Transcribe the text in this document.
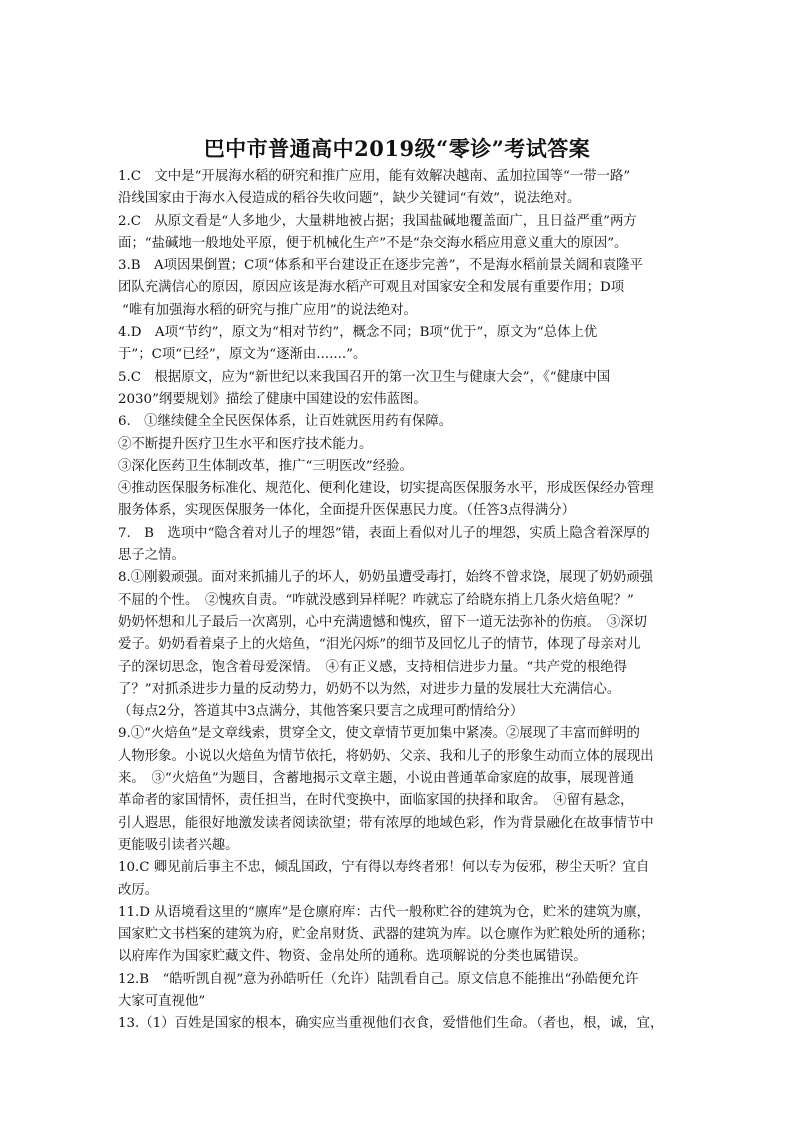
巴中市普通高中2019级“零诊”考试答案
1.C　文中是“开展海水稻的研究和推广应用，能有效解决越南、孟加拉国等“一带一路”
沿线国家由于海水入侵造成的稻谷失收问题”，缺少关键词“有效”，说法绝对。
2.C　从原文看是“人多地少，大量耕地被占据；我国盐碱地覆盖面广，且日益严重”两方
面；“盐碱地一般地处平原，便于机械化生产”不是“杂交海水稻应用意义重大的原因”。
3.B　A项因果倒置；C项“体系和平台建设正在逐步完善”，不是海水稻前景关阔和袁隆平
团队充满信心的原因，原因应该是海水稻产可观且对国家安全和发展有重要作用；D项
“唯有加强海水稻的研究与推广应用”的说法绝对。
4.D　A项“节约”，原文为“相对节约”，概念不同；B项“优于”，原文为“总体上优
于”；C项“已经”，原文为“逐渐由.......”。
5.C　根据原文，应为“新世纪以来我国召开的第一次卫生与健康大会”，《“健康中国
2030”纲要规划》描绘了健康中国建设的宏伟蓝图。
6.　①继续健全全民医保体系，让百姓就医用药有保障。
②不断提升医疗卫生水平和医疗技术能力。
③深化医药卫生体制改革，推广“三明医改”经验。
④推动医保服务标准化、规范化、便利化建设，切实提高医保服务水平，形成医保经办管理
服务体系，实现医保服务一体化，全面提升医保惠民力度。（任答3点得满分）
7.　B　选项中“隐含着对儿子的埋怨”错，表面上看似对儿子的埋怨，实质上隐含着深厚的
思子之情。
8.①刚毅顽强。面对来抓捕儿子的坏人，奶奶虽遭受毒打，始终不曾求饶，展现了奶奶顽强
不屈的个性。　②愧疚自责。“咋就没感到异样呢？咋就忘了给晓东捎上几条火焙鱼呢？”
奶奶怀想和儿子最后一次离别，心中充满遗憾和愧疚，留下一道无法弥补的伤痕。　③深切
爱子。奶奶看着桌子上的火焙鱼，“泪光闪烁”的细节及回忆儿子的情节，体现了母亲对儿
子的深切思念，饱含着母爱深情。　④有正义感，支持相信进步力量。“共产党的根绝得
了？”对抓杀进步力量的反动势力，奶奶不以为然，对进步力量的发展壮大充满信心。
（每点2分，答道其中3点满分，其他答案只要言之成理可酌情给分）
9.①“火焙鱼”是文章线索，贯穿全文，使文章情节更加集中紧凑。②展现了丰富而鲜明的
人物形象。小说以火焙鱼为情节依托，将奶奶、父亲、我和儿子的形象生动而立体的展现出
来。　③“火焙鱼”为题目，含蓄地揭示文章主题，小说由普通革命家庭的故事，展现普通
革命者的家国情怀，责任担当，在时代变换中，面临家国的抉择和取舍。　④留有悬念，
引人遐思，能很好地激发读者阅读欲望；带有浓厚的地域色彩，作为背景融化在故事情节中
更能吸引读者兴趣。
10.C 卿见前后事主不忠，倾乱国政，宁有得以寿终者邪！何以专为佞邪，秽尘天听？宜自
改厉。
11.D 从语境看这里的“廪库”是仓廪府库：古代一般称贮谷的建筑为仓，贮米的建筑为廪，
国家贮文书档案的建筑为府，贮金帛财货、武器的建筑为库。以仓廪作为贮粮处所的通称；
以府库作为国家贮藏文件、物资、金帛处所的通称。选项解说的分类也属错误。
12.B　“皓听凯自视”意为孙皓听任（允许）陆凯看自己。原文信息不能推出“孙皓便允许
大家可直视他”
13.（1）百姓是国家的根本，确实应当重视他们衣食，爱惜他们生命。（者也，根，诚，宜，
